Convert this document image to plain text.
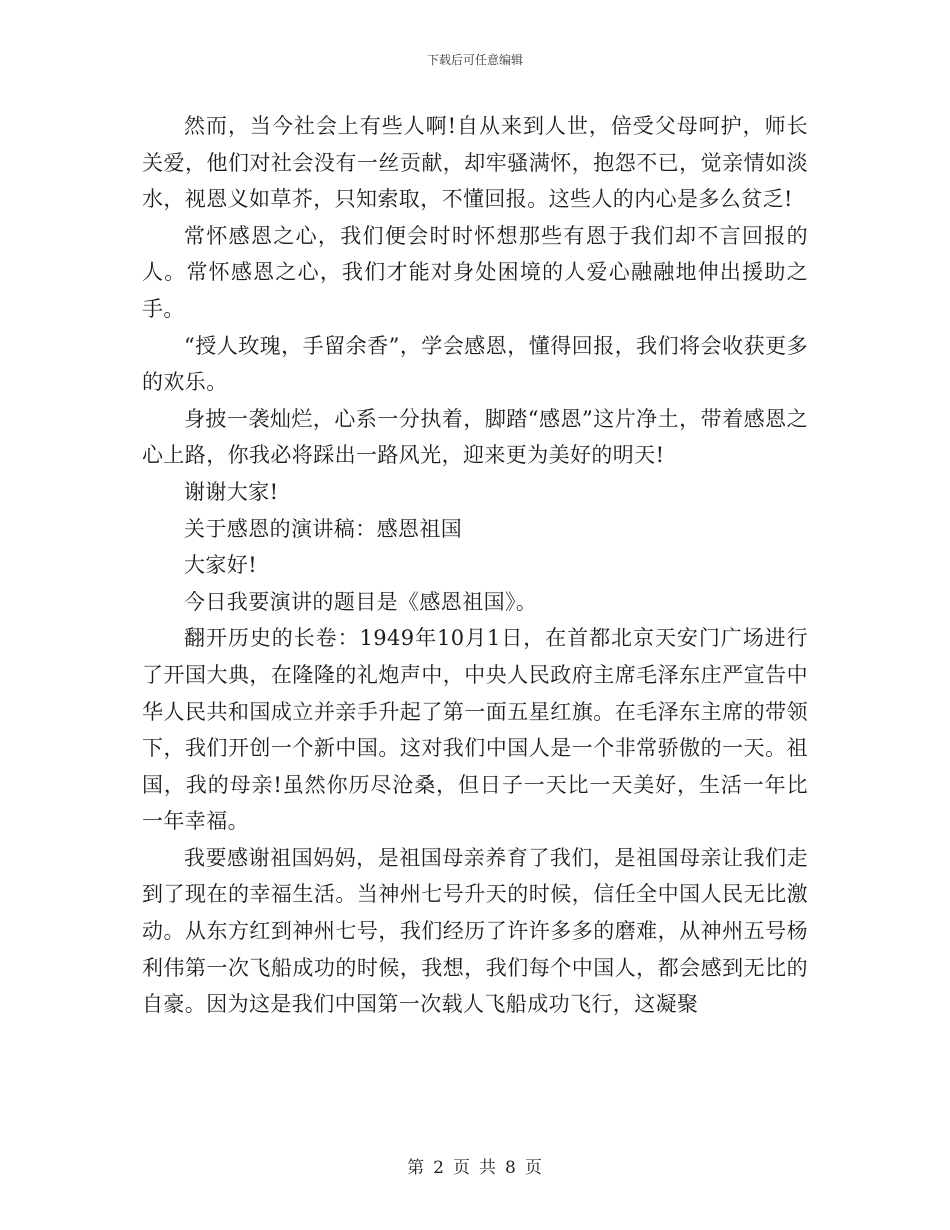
下载后可任意编辑

然而，当今社会上有些人啊!自从来到人世，倍受父母呵护，师长关爱，他们对社会没有一丝贡献，却牢骚满怀，抱怨不已，觉亲情如淡水，视恩义如草芥，只知索取，不懂回报。这些人的内心是多么贫乏!

常怀感恩之心，我们便会时时怀想那些有恩于我们却不言回报的人。常怀感恩之心，我们才能对身处困境的人爱心融融地伸出援助之手。

“授人玫瑰，手留余香”，学会感恩，懂得回报，我们将会收获更多的欢乐。

身披一袭灿烂，心系一分执着，脚踏“感恩”这片净土，带着感恩之心上路，你我必将踩出一路风光，迎来更为美好的明天!

谢谢大家!

关于感恩的演讲稿：感恩祖国

大家好!

今日我要演讲的题目是《感恩祖国》。

翻开历史的长卷：1949年10月1日，在首都北京天安门广场进行了开国大典，在隆隆的礼炮声中，中央人民政府主席毛泽东庄严宣告中华人民共和国成立并亲手升起了第一面五星红旗。在毛泽东主席的带领下，我们开创一个新中国。这对我们中国人是一个非常骄傲的一天。祖国，我的母亲!虽然你历尽沧桑，但日子一天比一天美好，生活一年比一年幸福。

我要感谢祖国妈妈，是祖国母亲养育了我们，是祖国母亲让我们走到了现在的幸福生活。当神州七号升天的时候，信任全中国人民无比激动。从东方红到神州七号，我们经历了许许多多的磨难，从神州五号杨利伟第一次飞船成功的时候，我想，我们每个中国人，都会感到无比的自豪。因为这是我们中国第一次载人飞船成功飞行，这凝聚

第 2 页 共 8 页
